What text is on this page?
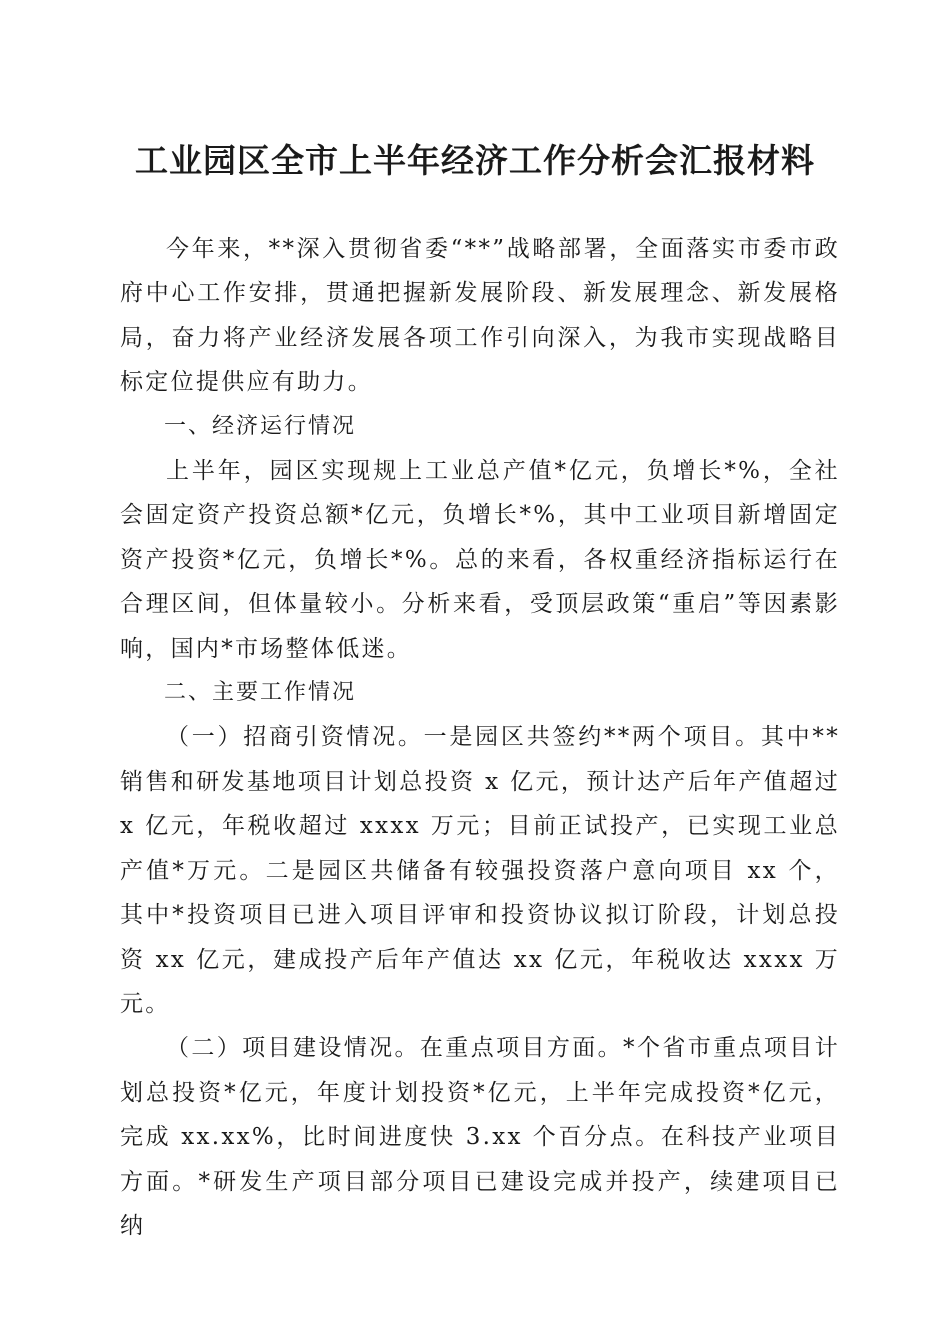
工业园区全市上半年经济工作分析会汇报材料

今年来，**深入贯彻省委“**”战略部署，全面落实市委市政府中心工作安排，贯通把握新发展阶段、新发展理念、新发展格局，奋力将产业经济发展各项工作引向深入，为我市实现战略目标定位提供应有助力。

一、经济运行情况

上半年，园区实现规上工业总产值*亿元，负增长*%，全社会固定资产投资总额*亿元，负增长*%，其中工业项目新增固定资产投资*亿元，负增长*%。总的来看，各权重经济指标运行在合理区间，但体量较小。分析来看，受顶层政策“重启”等因素影响，国内*市场整体低迷。

二、主要工作情况

（一）招商引资情况。一是园区共签约**两个项目。其中**销售和研发基地项目计划总投资 x 亿元，预计达产后年产值超过 x 亿元，年税收超过 xxxx 万元；目前正试投产，已实现工业总产值*万元。二是园区共储备有较强投资落户意向项目 xx 个，其中*投资项目已进入项目评审和投资协议拟订阶段，计划总投资 xx 亿元，建成投产后年产值达 xx 亿元，年税收达 xxxx 万元。

（二）项目建设情况。在重点项目方面。*个省市重点项目计划总投资*亿元，年度计划投资*亿元，上半年完成投资*亿元，完成 xx.xx%，比时间进度快 3.xx 个百分点。在科技产业项目方面。*研发生产项目部分项目已建设完成并投产，续建项目已纳
